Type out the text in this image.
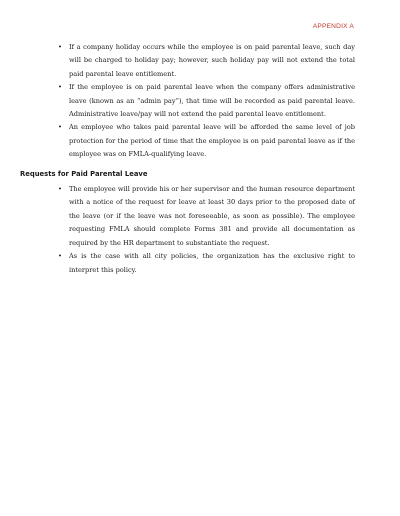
APPENDIX A
• If a company holiday occurs while the employee is on paid parental leave, such day will be charged to holiday pay; however, such holiday pay will not extend the total paid parental leave entitlement.
• If the employee is on paid parental leave when the company offers administrative leave (known as an “admin pay”), that time will be recorded as paid parental leave. Administrative leave/pay will not extend the paid parental leave entitlement.
• An employee who takes paid parental leave will be afforded the same level of job protection for the period of time that the employee is on paid parental leave as if the employee was on FMLA-qualifying leave.
Requests for Paid Parental Leave
• The employee will provide his or her supervisor and the human resource department with a notice of the request for leave at least 30 days prior to the proposed date of the leave (or if the leave was not foreseeable, as soon as possible). The employee requesting FMLA should complete Forms 381 and provide all documentation as required by the HR department to substantiate the request.
• As is the case with all city policies, the organization has the exclusive right to interpret this policy.
